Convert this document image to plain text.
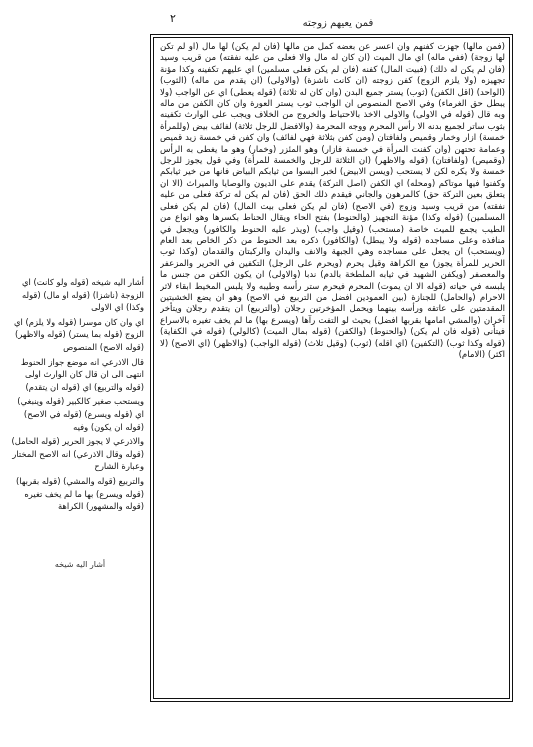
٢	فمن يعيهم زوجته

(فمن مالها) جهزت كفنهم وان اعسر عن بعضه كمل من مالها (فان لم يكن) لها مال (او لم تكن لها زوجة) (ففي ماله) اي مال الميت (ان كان له مال والا فعلى من عليه نفقته) من قريب وسيد (فان لم يكن له ذلك) (فبيت المال) كفنه (فان لم يكن فعلى مسلمين) اي عليهم تكفينه وكذا مؤنة تجهيزه (ولا يلزم الزوج) كفن زوجته (ان كانت ناشزة) (والاولى) (ان يقدم من ماله) (الثوب) (الواحد) (اقل الكفن) (ثوب) يستر جميع البدن (وان كان له ثلاثة) (قوله يعطى) اي عن الواجب (ولا يبطل حق الغرماء) وفي الاصح المنصوص ان الواجب ثوب يستر العورة وان كان الكفن من ماله وبه قال (قوله في الاولى) والاولى الاخذ بالاحتياط والخروج من الخلاف ويجب على الوارث تكفينه بثوب ساتر لجميع بدنه الا رأس المحرم ووجه المحرمة (والافضل للرجل ثلاثة) لفائف بيض (وللمرأة خمسة) ازار وخمار وقميص ولفافتان (ومن كفن بثلاثة فهي لفائف) وان كفن في خمسة زيد قميص وعمامة تحتهن (وان كفنت المرأة في خمسة فازار) وهو المئزر (وخمار) وهو ما يغطى به الرأس (وقميص) (ولفافتان) (قوله والاظهر) (ان الثلاثة للرجل والخمسة للمرأة) وفي قول يجوز للرجل خمسة ولا يكره لكن لا يستحب (ويسن الابيض) لخبر البسوا من ثيابكم البياض فانها من خير ثيابكم وكفنوا فيها موتاكم (ومحله) اي الكفن (اصل التركة) يقدم على الديون والوصايا والميراث (الا ان يتعلق بعين التركة حق) كالمرهون والجاني فيقدم ذلك الحق (فان لم يكن له تركة فعلى من عليه نفقته) من قريب وسيد وزوج (في الاصح) (فان لم يكن فعلى بيت المال) (فان لم يكن فعلى المسلمين) (قوله وكذا) مؤنة التجهيز (والحنوط) بفتح الحاء ويقال الحناط بكسرها وهو انواع من الطيب يجمع للميت خاصة (مستحب) (وقيل واجب) (ويذر عليه الحنوط والكافور) ويجعل في منافذه وعلى مساجده (قوله ولا يبطل) (والكافور) ذكره بعد الحنوط من ذكر الخاص بعد العام (ويستحب) ان يجعل على مساجده وهي الجبهة والانف واليدان والركبتان والقدمان (وكذا ثوب الحرير للمرأة يجوز) مع الكراهة وقيل يحرم (ويحرم على الرجل) التكفين في الحرير والمزعفر والمعصفر (ويكفن الشهيد في ثيابه الملطخة بالدم) ندبا (والاولى) ان يكون الكفن من جنس ما يلبسه في حياته (قوله الا ان يموت) المحرم فيحرم ستر رأسه وطيبه ولا يلبس المخيط ابقاء لاثر الاحرام (والحامل) للجنازة (بين العمودين افضل من التربيع في الاصح) وهو ان يضع الخشبتين المقدمتين على عاتقه ورأسه بينهما ويحمل المؤخرتين رجلان (والتربيع) ان يتقدم رجلان ويتأخر آخران (والمشي امامها بقربها افضل) بحيث لو التفت رآها (ويسرع بها) ما لم يخف تغيره بالاسراع فيتأنى (قوله فان لم يكن) (والحنوط) (والكفن) (قوله بمال الميت) (كالولي) (قوله في الكفاية) (قوله وكذا ثوب) (التكفين) (اي اقله) (ثوب) (وقيل ثلاث) (قوله الواجب) (والاظهر) (اي الاصح) (لا اكثر) (الامام)

أشار اليه شيخه (قوله ولو كانت) اي الزوجة (ناشزا) (قوله او مال) (قوله وكذا) اي الاولى

اي وان كان موسرا (قوله ولا يلزم) اي الزوج (قوله بما يستر) (قوله والاظهر) (قوله الاصح) المنصوص

قال الاذرعي انه موضع جواز الحنوط انتهى الى ان قال كان الوارث اولى (قوله والتربيع) اي (قوله ان يتقدم)

ويستحب صغير كالكبير (قوله وينبغي) اي (قوله ويسرع) (قوله في الاصح) (قوله ان يكون) وفيه

والاذرعي لا يجوز الحرير (قوله الحامل) (قوله وقال الاذرعي) انه الاصح المختار وعبارة الشارح

والتربيع (قوله والمشي) (قوله بقربها) (قوله ويسرع) بها ما لم يخف تغيره (قوله والمشهور) الكراهة

أشار اليه شيخه
